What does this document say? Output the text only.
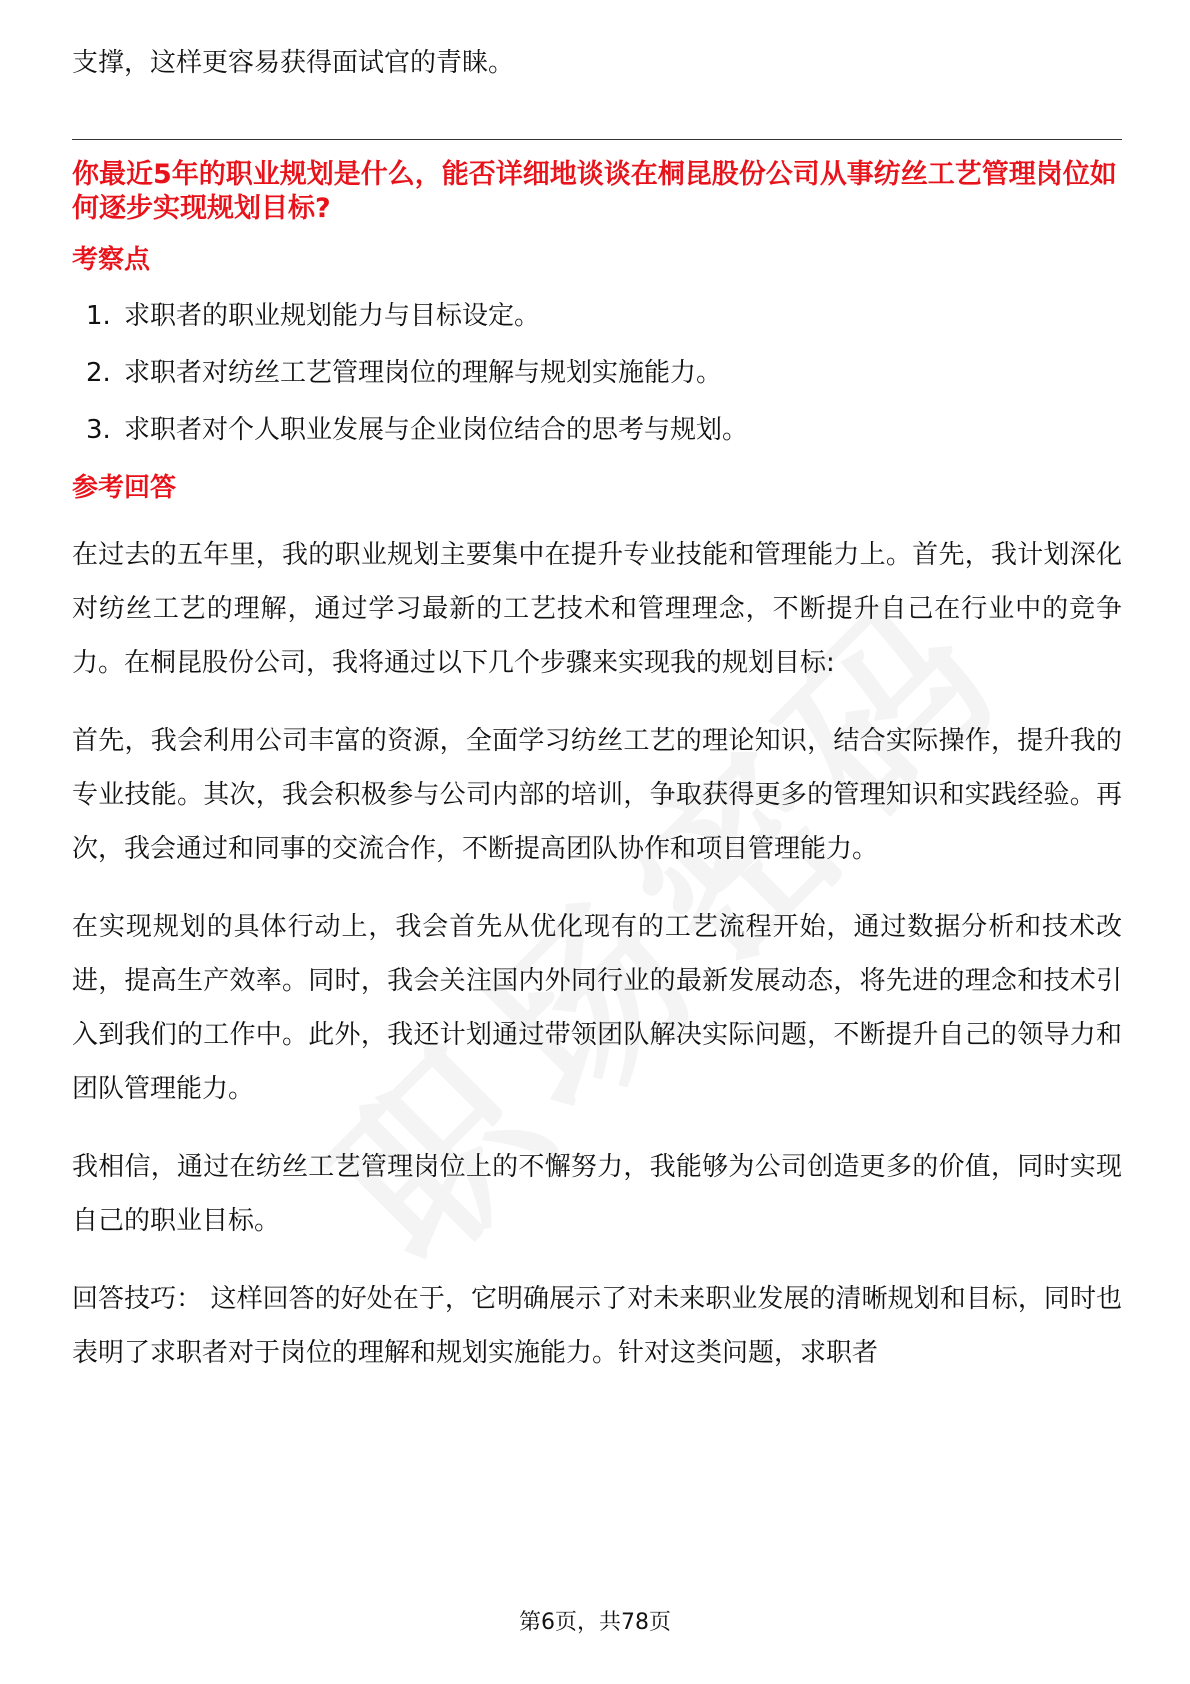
支撑，这样更容易获得面试官的青睐。

你最近5年的职业规划是什么，能否详细地谈谈在桐昆股份公司从事纺丝工艺管理岗位如何逐步实现规划目标?

考察点
1. 求职者的职业规划能力与目标设定。
2. 求职者对纺丝工艺管理岗位的理解与规划实施能力。
3. 求职者对个人职业发展与企业岗位结合的思考与规划。
参考回答

在过去的五年里，我的职业规划主要集中在提升专业技能和管理能力上。首先，我计划深化对纺丝工艺的理解，通过学习最新的工艺技术和管理理念，不断提升自己在行业中的竞争力。在桐昆股份公司，我将通过以下几个步骤来实现我的规划目标:

首先，我会利用公司丰富的资源，全面学习纺丝工艺的理论知识，结合实际操作，提升我的专业技能。其次，我会积极参与公司内部的培训，争取获得更多的管理知识和实践经验。再次，我会通过和同事的交流合作，不断提高团队协作和项目管理能力。

在实现规划的具体行动上，我会首先从优化现有的工艺流程开始，通过数据分析和技术改进，提高生产效率。同时，我会关注国内外同行业的最新发展动态，将先进的理念和技术引入到我们的工作中。此外，我还计划通过带领团队解决实际问题，不断提升自己的领导力和团队管理能力。

我相信，通过在纺丝工艺管理岗位上的不懈努力，我能够为公司创造更多的价值，同时实现自己的职业目标。

回答技巧： 这样回答的好处在于，它明确展示了对未来职业发展的清晰规划和目标，同时也表明了求职者对于岗位的理解和规划实施能力。针对这类问题，求职者

第6页，共78页
